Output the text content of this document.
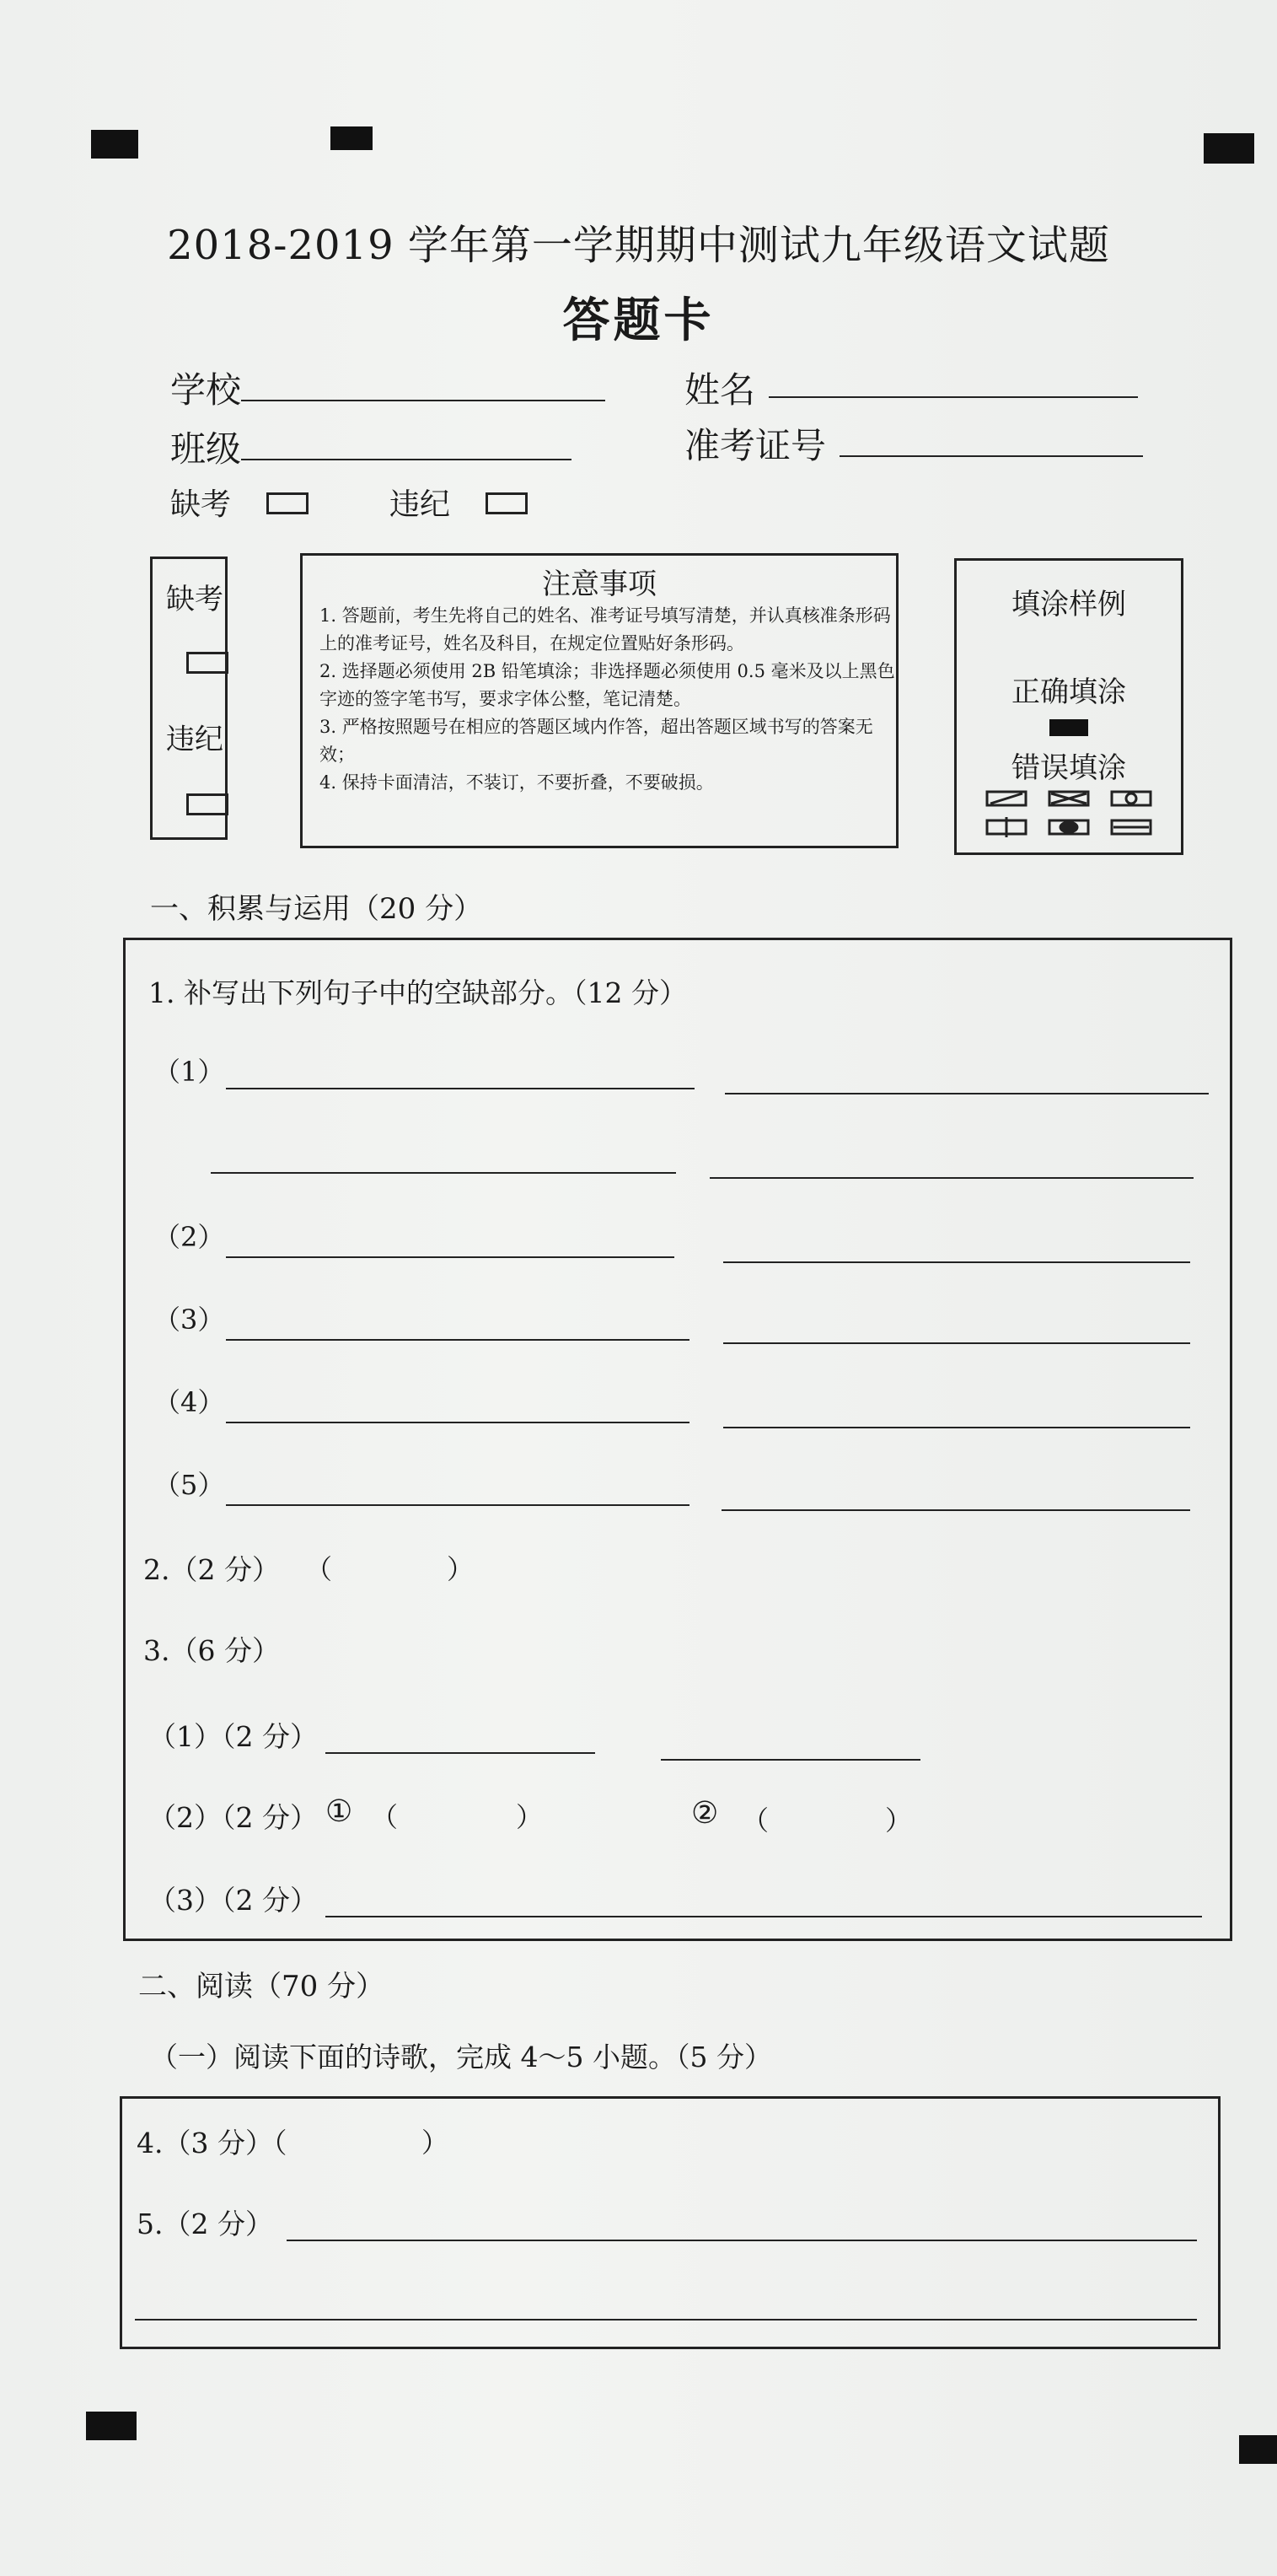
2018-2019 学年第一学期期中测试九年级语文试题
答题卡
学校	姓名
班级	准考证号
缺考	违纪
缺考
违纪
注意事项

1. 答题前，考生先将自己的姓名、准考证号填写清楚，并认真核准条形码上的准考证号，姓名及科目，在规定位置贴好条形码。

2. 选择题必须使用 2B 铅笔填涂；非选择题必须使用 0.5 毫米及以上黑色字迹的签字笔书写，要求字体公整，笔记清楚。

3. 严格按照题号在相应的答题区域内作答，超出答题区域书写的答案无效；

4. 保持卡面清洁，不装订，不要折叠，不要破损。

填涂样例
正确填涂
错误填涂
一、积累与运用（20 分）
1. 补写出下列句子中的空缺部分。（12 分）
（1）
（2）
（3）
（4）
（5）
2.（2 分） （	）
3.（6 分）
（1）（2 分）
（2）（2 分） ① （	）	② （	）
（3）（2 分）
二、阅读（70 分）
（一）阅读下面的诗歌，完成 4～5 小题。（5 分）
4.（3 分）（	）
5.（2 分）
